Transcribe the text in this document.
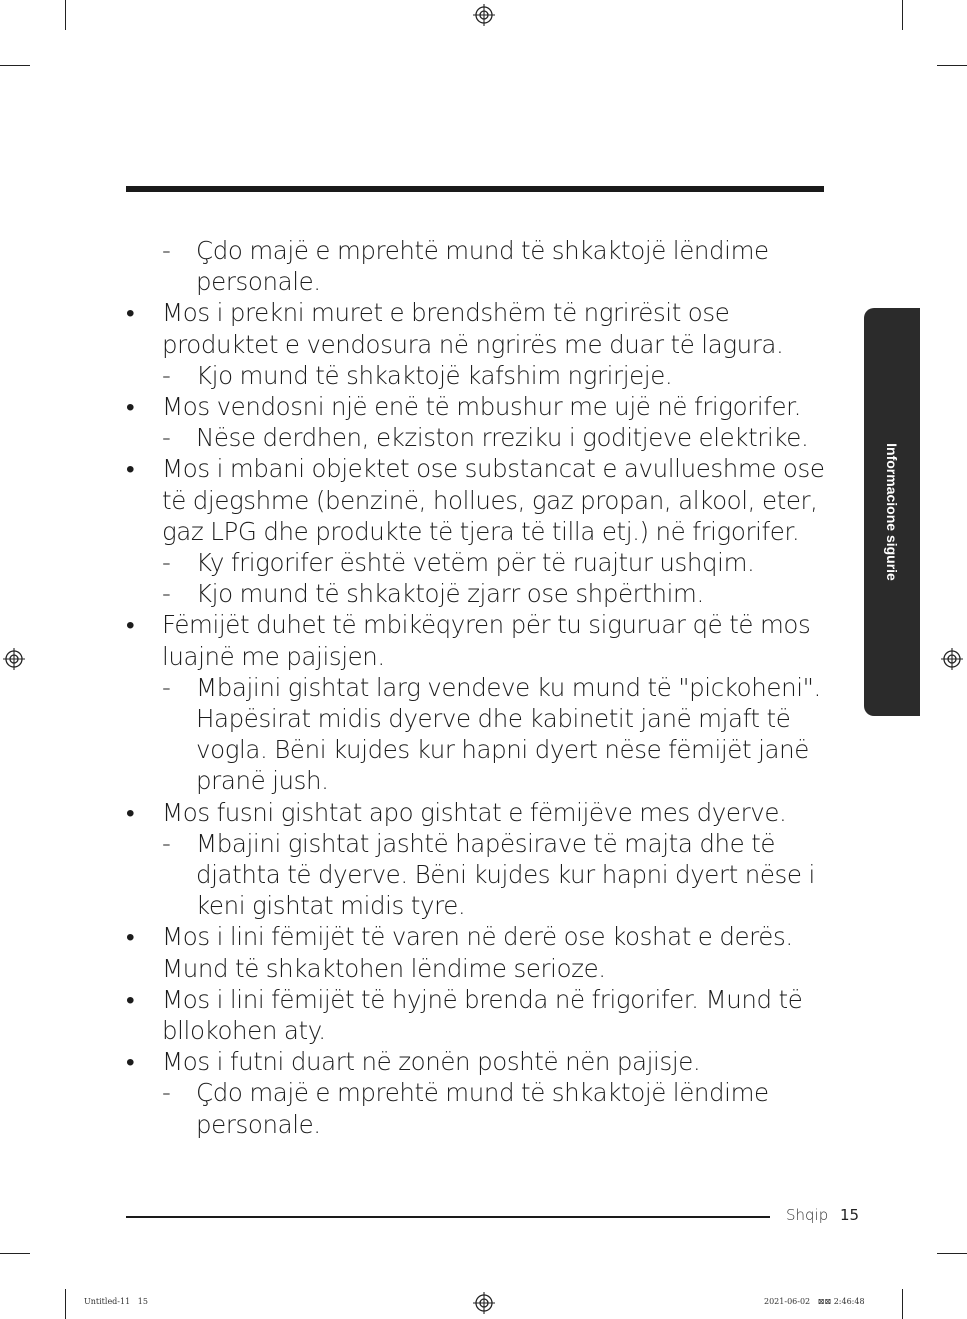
Informacione sigurie

- Çdo majë e mprehtë mund të shkaktojë lëndime personale.

• Mos i prekni muret e brendshëm të ngrirësit ose produktet e vendosura në ngrirës me duar të lagura.

- Kjo mund të shkaktojë kafshim ngrirjeje.

• Mos vendosni një enë të mbushur me ujë në frigorifer.

- Nëse derdhen, ekziston rreziku i goditjeve elektrike.

• Mos i mbani objektet ose substancat e avullueshme ose të djegshme (benzinë, hollues, gaz propan, alkool, eter, gaz LPG dhe produkte të tjera të tilla etj.) në frigorifer.

- Ky frigorifer është vetëm për të ruajtur ushqim.

- Kjo mund të shkaktojë zjarr ose shpërthim.

• Fëmijët duhet të mbikëqyren për tu siguruar që të mos luajnë me pajisjen.

- Mbajini gishtat larg vendeve ku mund të "pickoheni". Hapësirat midis dyerve dhe kabinetit janë mjaft të vogla. Bëni kujdes kur hapni dyert nëse fëmijët janë pranë jush.

• Mos fusni gishtat apo gishtat e fëmijëve mes dyerve.

- Mbajini gishtat jashtë hapësirave të majta dhe të djathta të dyerve. Bëni kujdes kur hapni dyert nëse i keni gishtat midis tyre.

• Mos i lini fëmijët të varen në derë ose koshat e derës. Mund të shkaktohen lëndime serioze.

• Mos i lini fëmijët të hyjnë brenda në frigorifer. Mund të bllokohen aty.

• Mos i futni duart në zonën poshtë nën pajisje.

- Çdo majë e mprehtë mund të shkaktojë lëndime personale.

Shqip 15
Untitled-11   15	2021-06-02   ⊠⊠ 2:46:48
